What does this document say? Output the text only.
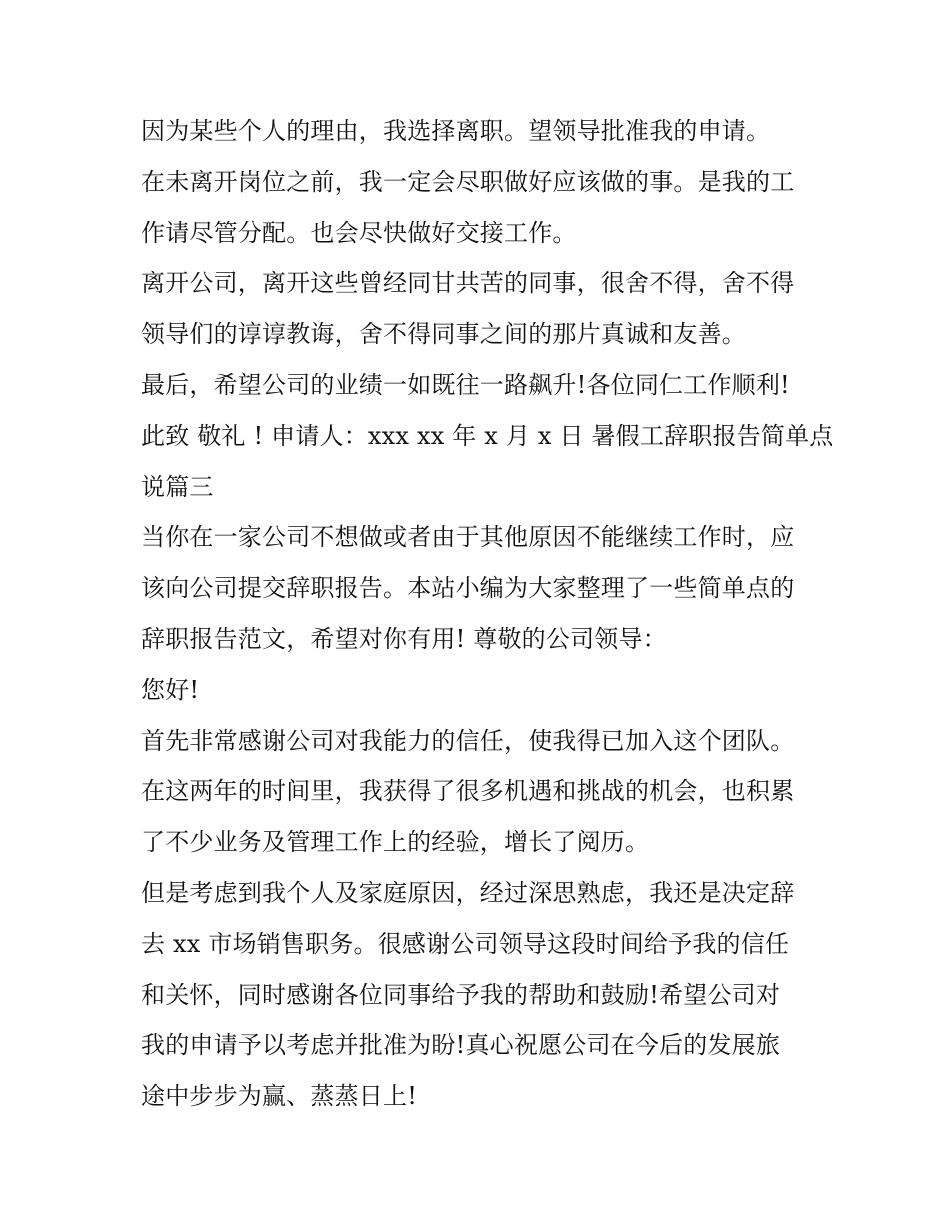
因为某些个人的理由，我选择离职。望领导批准我的申请。
在未离开岗位之前，我一定会尽职做好应该做的事。是我的工
作请尽管分配。也会尽快做好交接工作。
离开公司，离开这些曾经同甘共苦的同事，很舍不得，舍不得
领导们的谆谆教诲，舍不得同事之间的那片真诚和友善。
最后，希望公司的业绩一如既往一路飙升!各位同仁工作顺利!
此致 敬礼 ! 申请人：xxx xx 年 x 月 x 日 暑假工辞职报告简单点
说篇三
当你在一家公司不想做或者由于其他原因不能继续工作时，应
该向公司提交辞职报告。本站小编为大家整理了一些简单点的
辞职报告范文，希望对你有用! 尊敬的公司领导：
您好!
首先非常感谢公司对我能力的信任，使我得已加入这个团队。
在这两年的时间里，我获得了很多机遇和挑战的机会，也积累
了不少业务及管理工作上的经验，增长了阅历。
但是考虑到我个人及家庭原因，经过深思熟虑，我还是决定辞
去 xx 市场销售职务。很感谢公司领导这段时间给予我的信任
和关怀，同时感谢各位同事给予我的帮助和鼓励!希望公司对
我的申请予以考虑并批准为盼!真心祝愿公司在今后的发展旅
途中步步为赢、蒸蒸日上!
